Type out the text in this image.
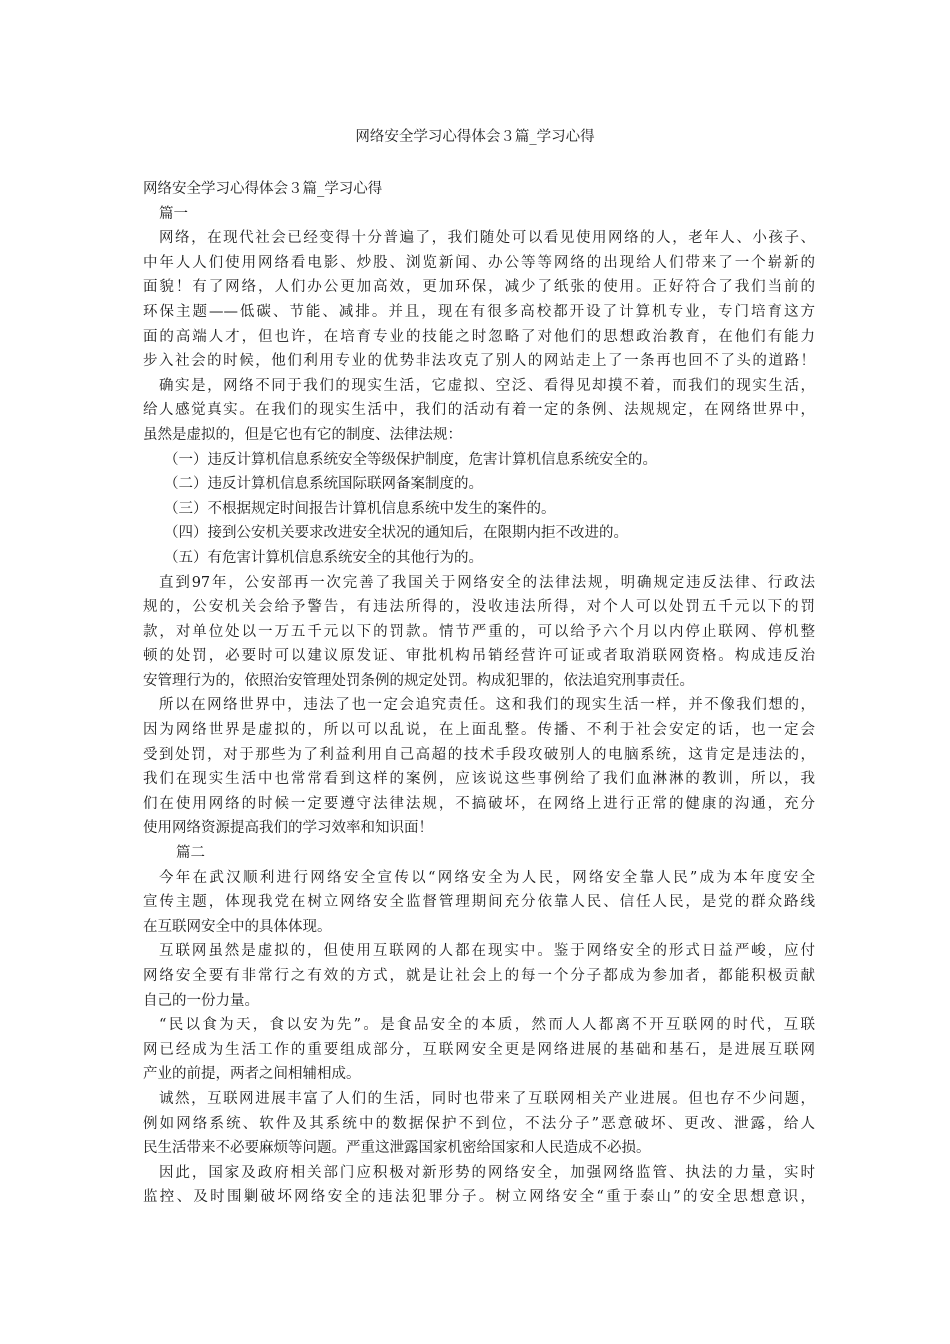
网络安全学习心得体会３篇_学习心得
网络安全学习心得体会３篇_学习心得
篇一
网络，在现代社会已经变得十分普遍了，我们随处可以看见使用网络的人，老年人、小孩子、
中年人人们使用网络看电影、炒股、浏览新闻、办公等等网络的出现给人们带来了一个崭新的
面貌！有了网络，人们办公更加高效，更加环保，减少了纸张的使用。正好符合了我们当前的
环保主题——低碳、节能、减排。并且，现在有很多高校都开设了计算机专业，专门培育这方
面的高端人才，但也许，在培育专业的技能之时忽略了对他们的思想政治教育，在他们有能力
步入社会的时候，他们利用专业的优势非法攻克了别人的网站走上了一条再也回不了头的道路！
确实是，网络不同于我们的现实生活，它虚拟、空泛、看得见却摸不着，而我们的现实生活，
给人感觉真实。在我们的现实生活中，我们的活动有着一定的条例、法规规定，在网络世界中，
虽然是虚拟的，但是它也有它的制度、法律法规：
（一）违反计算机信息系统安全等级保护制度，危害计算机信息系统安全的。
（二）违反计算机信息系统国际联网备案制度的。
（三）不根据规定时间报告计算机信息系统中发生的案件的。
（四）接到公安机关要求改进安全状况的通知后，在限期内拒不改进的。
（五）有危害计算机信息系统安全的其他行为的。
直到97年，公安部再一次完善了我国关于网络安全的法律法规，明确规定违反法律、行政法
规的，公安机关会给予警告，有违法所得的，没收违法所得，对个人可以处罚五千元以下的罚
款，对单位处以一万五千元以下的罚款。情节严重的，可以给予六个月以内停止联网、停机整
顿的处罚，必要时可以建议原发证、审批机构吊销经营许可证或者取消联网资格。构成违反治
安管理行为的，依照治安管理处罚条例的规定处罚。构成犯罪的，依法追究刑事责任。
所以在网络世界中，违法了也一定会追究责任。这和我们的现实生活一样，并不像我们想的，
因为网络世界是虚拟的，所以可以乱说，在上面乱整。传播、不利于社会安定的话，也一定会
受到处罚，对于那些为了利益利用自己高超的技术手段攻破别人的电脑系统，这肯定是违法的，
我们在现实生活中也常常看到这样的案例，应该说这些事例给了我们血淋淋的教训，所以，我
们在使用网络的时候一定要遵守法律法规，不搞破坏，在网络上进行正常的健康的沟通，充分
使用网络资源提高我们的学习效率和知识面！
篇二
今年在武汉顺利进行网络安全宣传以“网络安全为人民，网络安全靠人民”成为本年度安全
宣传主题，体现我党在树立网络安全监督管理期间充分依靠人民、信任人民，是党的群众路线
在互联网安全中的具体体现。
互联网虽然是虚拟的，但使用互联网的人都在现实中。鉴于网络安全的形式日益严峻，应付
网络安全要有非常行之有效的方式，就是让社会上的每一个分子都成为参加者，都能积极贡献
自己的一份力量。
“民以食为天，食以安为先”。是食品安全的本质，然而人人都离不开互联网的时代，互联
网已经成为生活工作的重要组成部分，互联网安全更是网络进展的基础和基石，是进展互联网
产业的前提，两者之间相辅相成。
诚然，互联网进展丰富了人们的生活，同时也带来了互联网相关产业进展。但也存不少问题，
例如网络系统、软件及其系统中的数据保护不到位，不法分子”恶意破坏、更改、泄露，给人
民生活带来不必要麻烦等问题。严重这泄露国家机密给国家和人民造成不必损。
因此，国家及政府相关部门应积极对新形势的网络安全，加强网络监管、执法的力量，实时
监控、及时围剿破坏网络安全的违法犯罪分子。树立网络安全“重于泰山”的安全思想意识，
